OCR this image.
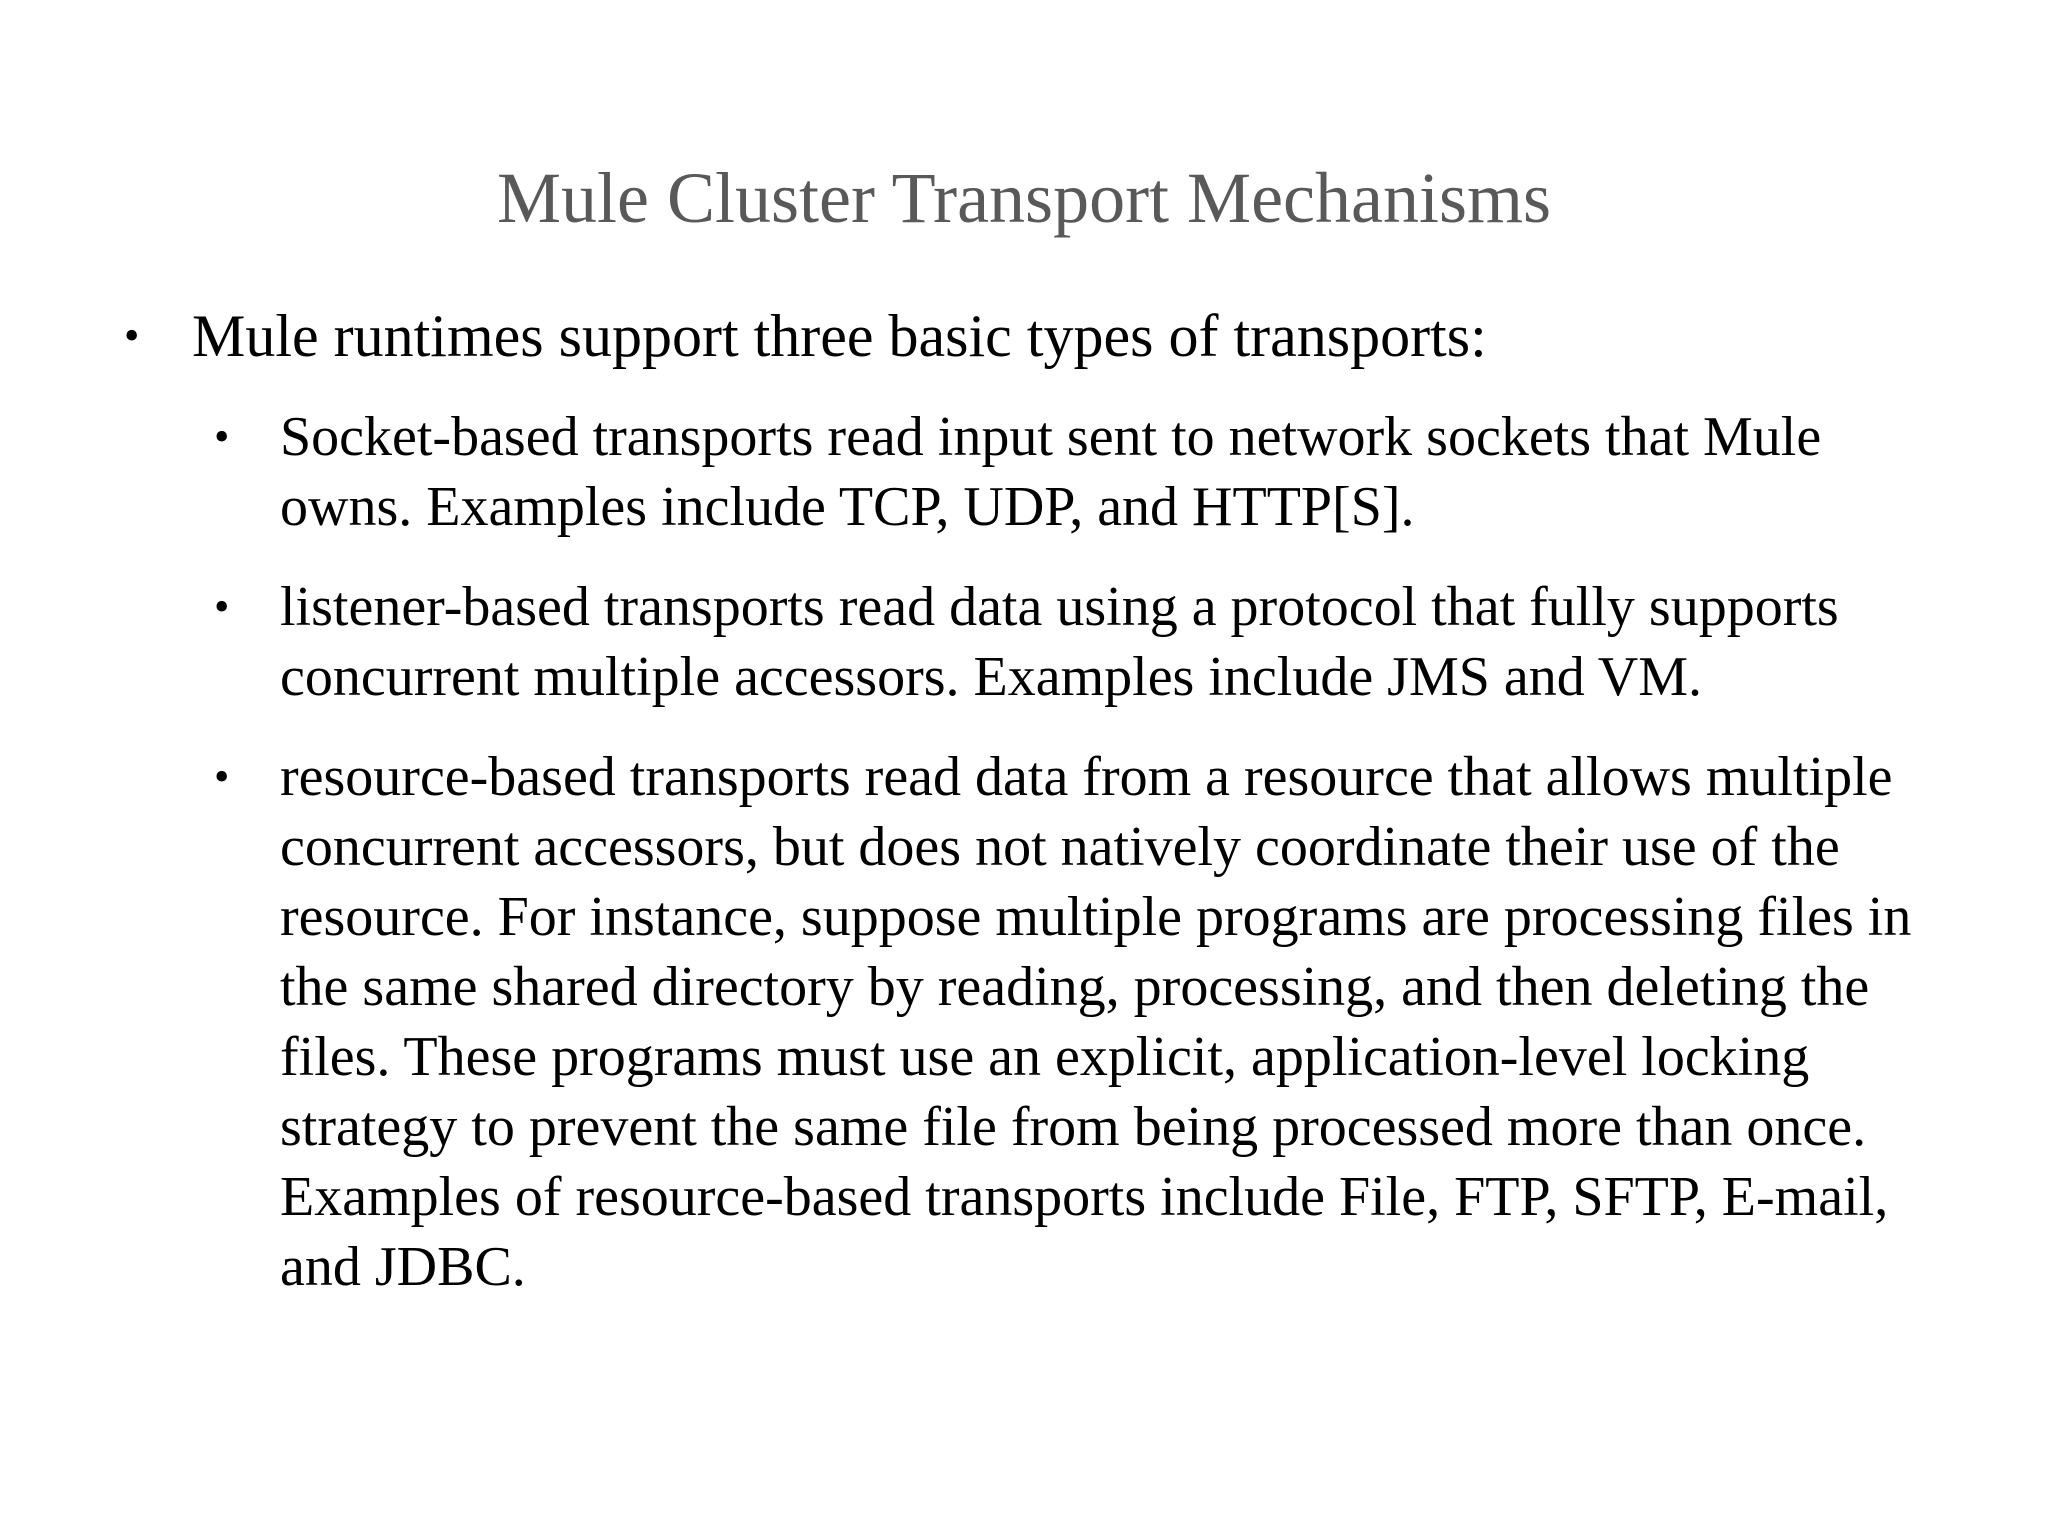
Mule Cluster Transport Mechanisms
• Mule runtimes support three basic types of transports:
• Socket-based transports read input sent to network sockets that Mule owns. Examples include TCP, UDP, and HTTP[S].
• listener-based transports read data using a protocol that fully supports concurrent multiple accessors. Examples include JMS and VM.
• resource-based transports read data from a resource that allows multiple concurrent accessors, but does not natively coordinate their use of the resource. For instance, suppose multiple programs are processing files in the same shared directory by reading, processing, and then deleting the files. These programs must use an explicit, application-level locking strategy to prevent the same file from being processed more than once. Examples of resource-based transports include File, FTP, SFTP, E-mail, and JDBC.
